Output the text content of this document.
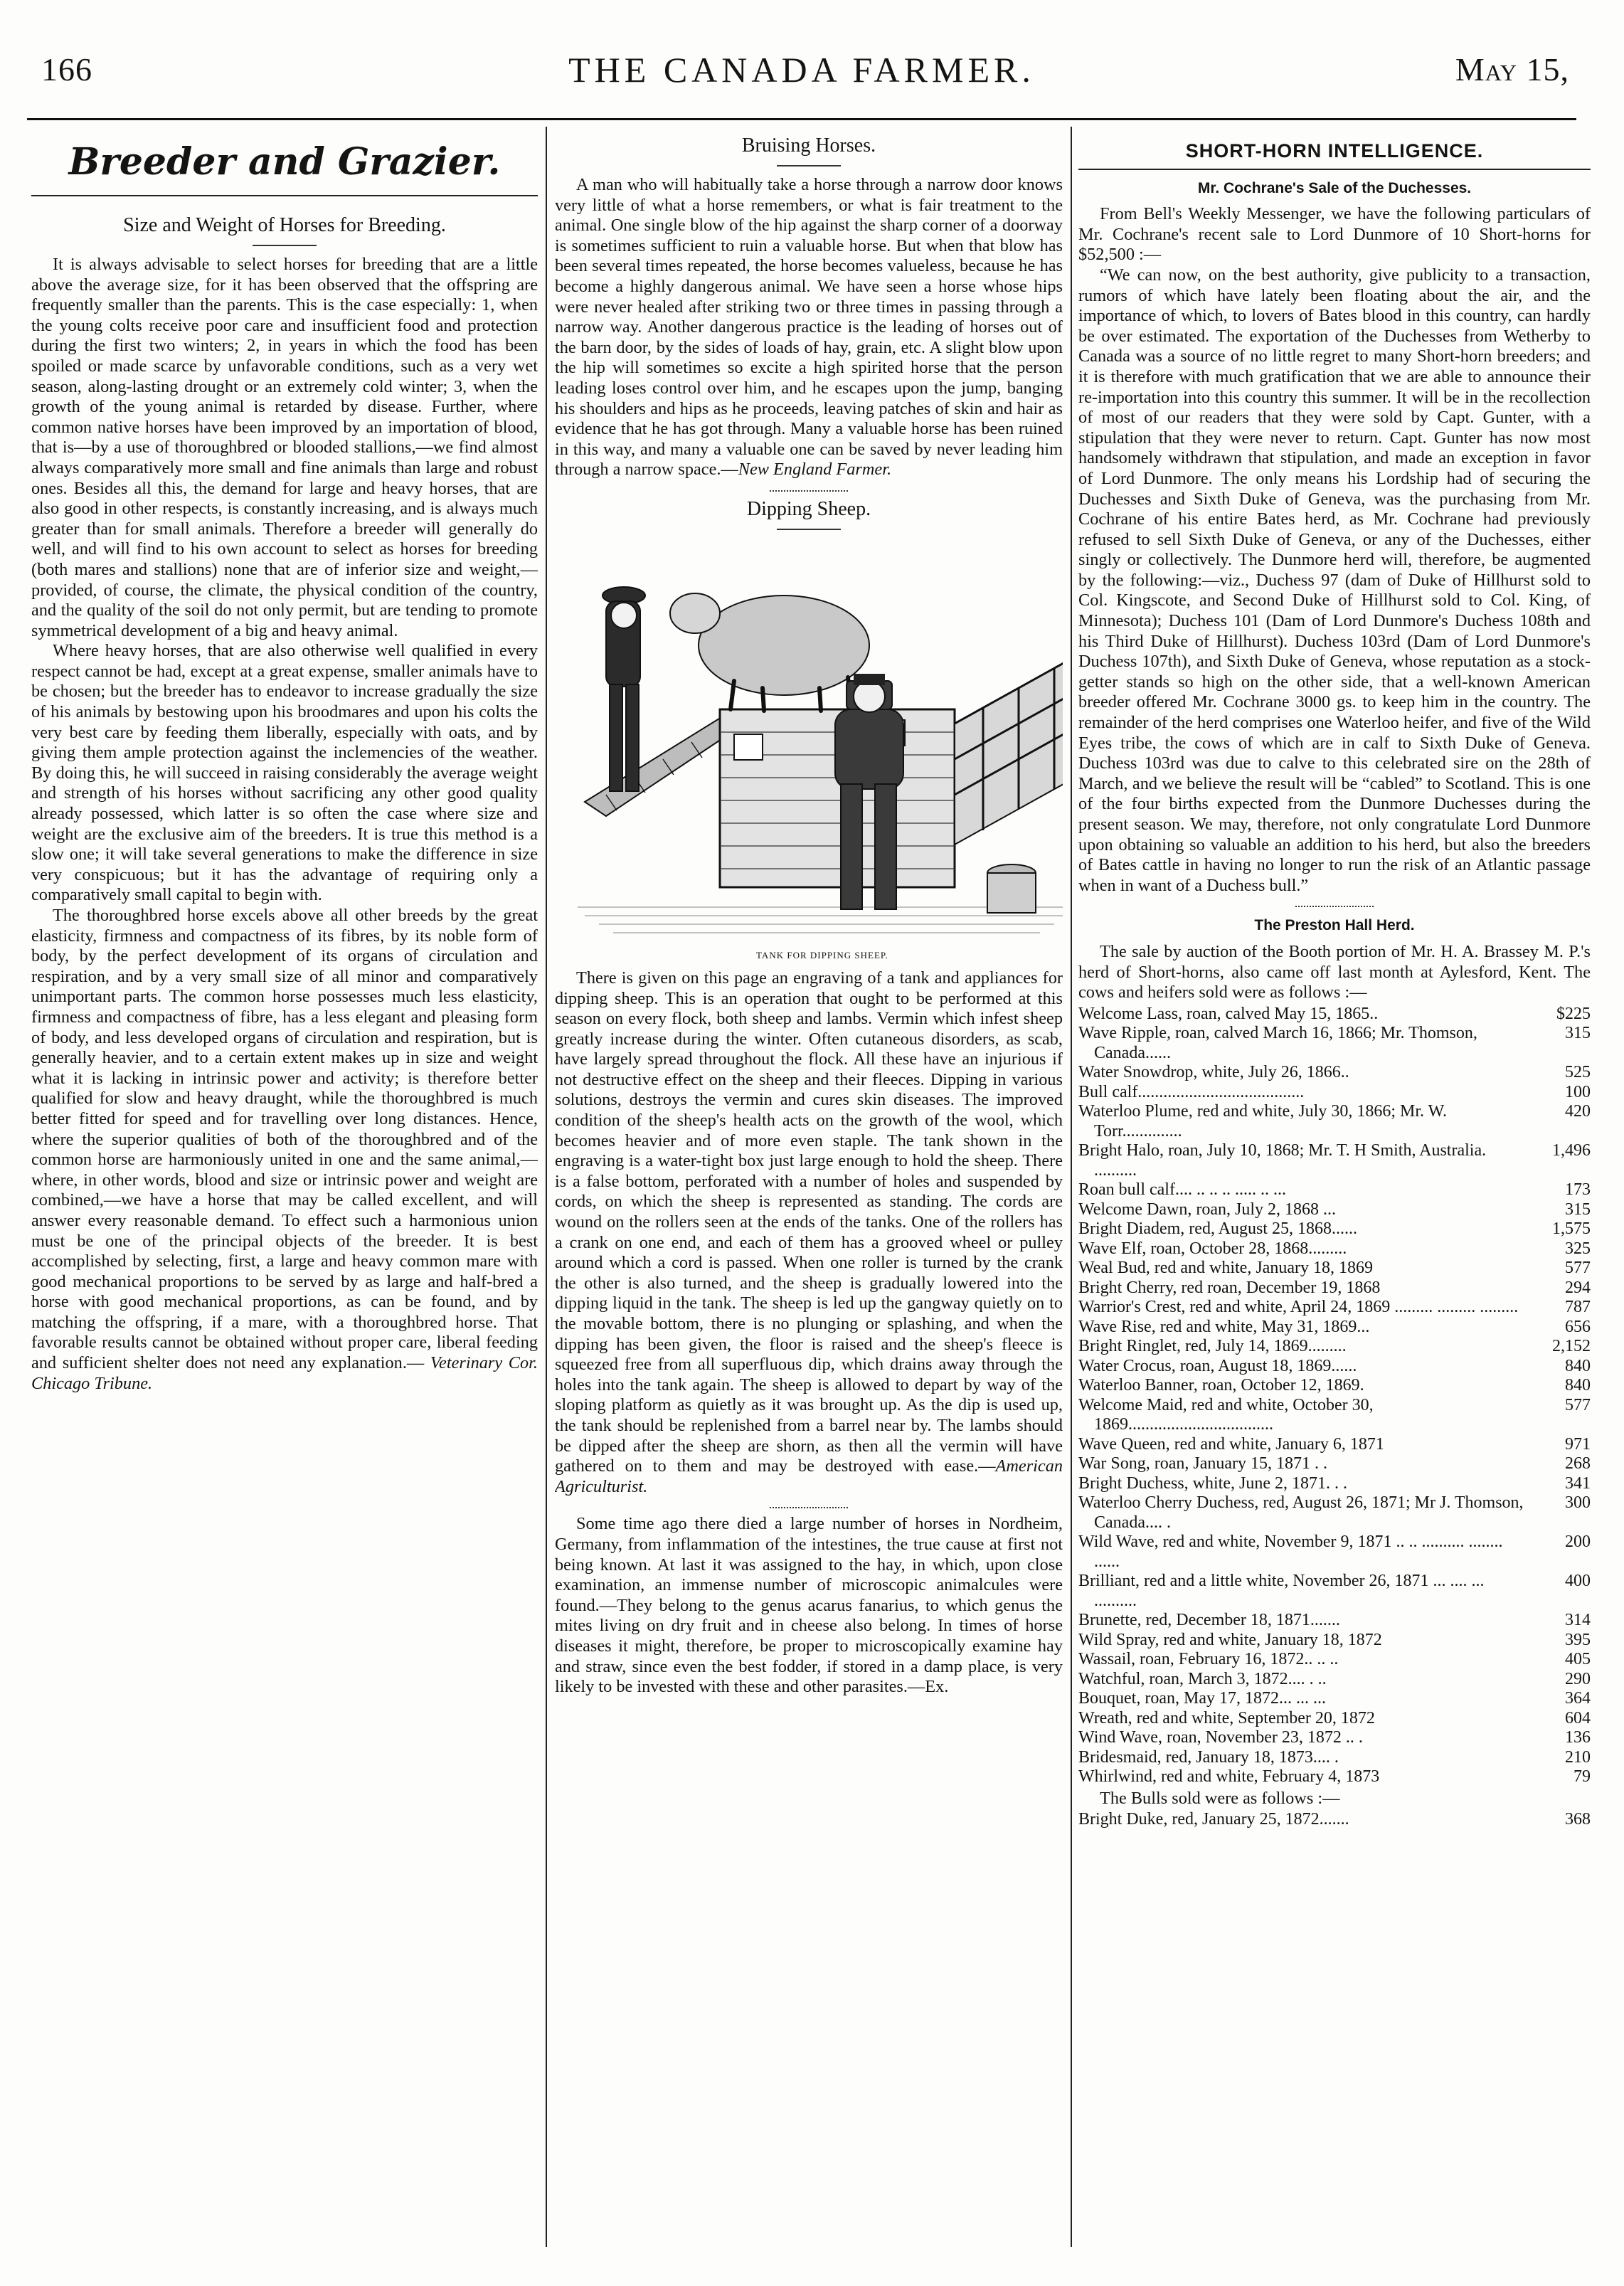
166	THE CANADA FARMER.	May 15,
Breeder and Grazier.
Size and Weight of Horses for Breeding.

It is always advisable to select horses for breeding that are a little above the average size, for it has been observed that the offspring are frequently smaller than the parents. This is the case especially: 1, when the young colts receive poor care and insufficient food and protection during the first two winters; 2, in years in which the food has been spoiled or made scarce by unfavorable conditions, such as a very wet season, along-lasting drought or an extremely cold winter; 3, when the growth of the young animal is retarded by disease. Further, where common native horses have been improved by an importation of blood, that is—by a use of thoroughbred or blooded stallions,—we find almost always comparatively more small and fine animals than large and robust ones. Besides all this, the demand for large and heavy horses, that are also good in other respects, is constantly increasing, and is always much greater than for small animals. Therefore a breeder will generally do well, and will find to his own account to select as horses for breeding (both mares and stallions) none that are of inferior size and weight,—provided, of course, the climate, the physical condition of the country, and the quality of the soil do not only permit, but are tending to promote symmetrical development of a big and heavy animal.

Where heavy horses, that are also otherwise well qualified in every respect cannot be had, except at a great expense, smaller animals have to be chosen; but the breeder has to endeavor to increase gradually the size of his animals by bestowing upon his broodmares and upon his colts the very best care by feeding them liberally, especially with oats, and by giving them ample protection against the inclemencies of the weather. By doing this, he will succeed in raising considerably the average weight and strength of his horses without sacrificing any other good quality already possessed, which latter is so often the case where size and weight are the exclusive aim of the breeders. It is true this method is a slow one; it will take several generations to make the difference in size very conspicuous; but it has the advantage of requiring only a comparatively small capital to begin with.

The thoroughbred horse excels above all other breeds by the great elasticity, firmness and compactness of its fibres, by its noble form of body, by the perfect development of its organs of circulation and respiration, and by a very small size of all minor and comparatively unimportant parts. The common horse possesses much less elasticity, firmness and compactness of fibre, has a less elegant and pleasing form of body, and less developed organs of circulation and respiration, but is generally heavier, and to a certain extent makes up in size and weight what it is lacking in intrinsic power and activity; is therefore better qualified for slow and heavy draught, while the thoroughbred is much better fitted for speed and for travelling over long distances. Hence, where the superior qualities of both of the thoroughbred and of the common horse are harmoniously united in one and the same animal,—where, in other words, blood and size or intrinsic power and weight are combined,—we have a horse that may be called excellent, and will answer every reasonable demand. To effect such a harmonious union must be one of the principal objects of the breeder. It is best accomplished by selecting, first, a large and heavy common mare with good mechanical proportions to be served by as large and half-bred a horse with good mechanical proportions, as can be found, and by matching the offspring, if a mare, with a thoroughbred horse. That favorable results cannot be obtained without proper care, liberal feeding and sufficient shelter does not need any explanation.— Veterinary Cor. Chicago Tribune.

Bruising Horses.

A man who will habitually take a horse through a narrow door knows very little of what a horse remembers, or what is fair treatment to the animal. One single blow of the hip against the sharp corner of a doorway is sometimes sufficient to ruin a valuable horse. But when that blow has been several times repeated, the horse becomes valueless, because he has become a highly dangerous animal. We have seen a horse whose hips were never healed after striking two or three times in passing through a narrow way. Another dangerous practice is the leading of horses out of the barn door, by the sides of loads of hay, grain, etc. A slight blow upon the hip will sometimes so excite a high spirited horse that the person leading loses control over him, and he escapes upon the jump, banging his shoulders and hips as he proceeds, leaving patches of skin and hair as evidence that he has got through. Many a valuable horse has been ruined in this way, and many a valuable one can be saved by never leading him through a narrow space.—New England Farmer.

Dipping Sheep.
TANK FOR DIPPING SHEEP.

There is given on this page an engraving of a tank and appliances for dipping sheep. This is an operation that ought to be performed at this season on every flock, both sheep and lambs. Vermin which infest sheep greatly increase during the winter. Often cutaneous disorders, as scab, have largely spread throughout the flock. All these have an injurious if not destructive effect on the sheep and their fleeces. Dipping in various solutions, destroys the vermin and cures skin diseases. The improved condition of the sheep's health acts on the growth of the wool, which becomes heavier and of more even staple. The tank shown in the engraving is a water-tight box just large enough to hold the sheep. There is a false bottom, perforated with a number of holes and suspended by cords, on which the sheep is represented as standing. The cords are wound on the rollers seen at the ends of the tanks. One of the rollers has a crank on one end, and each of them has a grooved wheel or pulley around which a cord is passed. When one roller is turned by the crank the other is also turned, and the sheep is gradually lowered into the dipping liquid in the tank. The sheep is led up the gangway quietly on to the movable bottom, there is no plunging or splashing, and when the dipping has been given, the floor is raised and the sheep's fleece is squeezed free from all superfluous dip, which drains away through the holes into the tank again. The sheep is allowed to depart by way of the sloping platform as quietly as it was brought up. As the dip is used up, the tank should be replenished from a barrel near by. The lambs should be dipped after the sheep are shorn, as then all the vermin will have gathered on to them and may be destroyed with ease.—American Agriculturist.

Some time ago there died a large number of horses in Nordheim, Germany, from inflammation of the intestines, the true cause at first not being known. At last it was assigned to the hay, in which, upon close examination, an immense number of microscopic animalcules were found.—They belong to the genus acarus fanarius, to which genus the mites living on dry fruit and in cheese also belong. In times of horse diseases it might, therefore, be proper to microscopically examine hay and straw, since even the best fodder, if stored in a damp place, is very likely to be invested with these and other parasites.—Ex.

SHORT-HORN INTELLIGENCE.
Mr. Cochrane's Sale of the Duchesses.

From Bell's Weekly Messenger, we have the following particulars of Mr. Cochrane's recent sale to Lord Dunmore of 10 Short-horns for $52,500 :—

“We can now, on the best authority, give publicity to a transaction, rumors of which have lately been floating about the air, and the importance of which, to lovers of Bates blood in this country, can hardly be over estimated. The exportation of the Duchesses from Wetherby to Canada was a source of no little regret to many Short-horn breeders; and it is therefore with much gratification that we are able to announce their re-importation into this country this summer. It will be in the recollection of most of our readers that they were sold by Capt. Gunter, with a stipulation that they were never to return. Capt. Gunter has now most handsomely withdrawn that stipulation, and made an exception in favor of Lord Dunmore. The only means his Lordship had of securing the Duchesses and Sixth Duke of Geneva, was the purchasing from Mr. Cochrane of his entire Bates herd, as Mr. Cochrane had previously refused to sell Sixth Duke of Geneva, or any of the Duchesses, either singly or collectively. The Dunmore herd will, therefore, be augmented by the following:—viz., Duchess 97 (dam of Duke of Hillhurst sold to Col. Kingscote, and Second Duke of Hillhurst sold to Col. King, of Minnesota); Duchess 101 (Dam of Lord Dunmore's Duchess 108th and his Third Duke of Hillhurst). Duchess 103rd (Dam of Lord Dunmore's Duchess 107th), and Sixth Duke of Geneva, whose reputation as a stock-getter stands so high on the other side, that a well-known American breeder offered Mr. Cochrane 3000 gs. to keep him in the country. The remainder of the herd comprises one Waterloo heifer, and five of the Wild Eyes tribe, the cows of which are in calf to Sixth Duke of Geneva. Duchess 103rd was due to calve to this celebrated sire on the 28th of March, and we believe the result will be “cabled” to Scotland. This is one of the four births expected from the Dunmore Duchesses during the present season. We may, therefore, not only congratulate Lord Dunmore upon obtaining so valuable an addition to his herd, but also the breeders of Bates cattle in having no longer to run the risk of an Atlantic passage when in want of a Duchess bull.”

The Preston Hall Herd.

The sale by auction of the Booth portion of Mr. H. A. Brassey M. P.'s herd of Short-horns, also came off last month at Aylesford, Kent. The cows and heifers sold were as follows :—

Welcome Lass, roan, calved May 15, 1865..	$225
Wave Ripple, roan, calved March 16, 1866; Mr. Thomson, Canada......	315
Water Snowdrop, white, July 26, 1866..	525
Bull calf.......................................	100
Waterloo Plume, red and white, July 30, 1866; Mr. W. Torr..............	420
Bright Halo, roan, July 10, 1868; Mr. T. H Smith, Australia. ..........	1,496
Roan bull calf.... .. .. .. ..... .. ...	173
Welcome Dawn, roan, July 2, 1868 ...	315
Bright Diadem, red, August 25, 1868......	1,575
Wave Elf, roan, October 28, 1868.........	325
Weal Bud, red and white, January 18, 1869	577
Bright Cherry, red roan, December 19, 1868	294
Warrior's Crest, red and white, April 24, 1869 ......... ......... .........	787
Wave Rise, red and white, May 31, 1869...	656
Bright Ringlet, red, July 14, 1869.........	2,152
Water Crocus, roan, August 18, 1869......	840
Waterloo Banner, roan, October 12, 1869.	840
Welcome Maid, red and white, October 30, 1869..................................	577
Wave Queen, red and white, January 6, 1871	971
War Song, roan, January 15, 1871 . .	268
Bright Duchess, white, June 2, 1871. . .	341
Waterloo Cherry Duchess, red, August 26, 1871; Mr J. Thomson, Canada.... .	300
Wild Wave, red and white, November 9, 1871 .. .. .......... ........ ......	200
Brilliant, red and a little white, November 26, 1871 ... .... ... ..........	400
Brunette, red, December 18, 1871.......	314
Wild Spray, red and white, January 18, 1872	395
Wassail, roan, February 16, 1872.. .. ..	405
Watchful, roan, March 3, 1872.... . ..	290
Bouquet, roan, May 17, 1872... ... ...	364
Wreath, red and white, September 20, 1872	604
Wind Wave, roan, November 23, 1872 .. .	136
Bridesmaid, red, January 18, 1873.... .	210
Whirlwind, red and white, February 4, 1873	79

The Bulls sold were as follows :—

Bright Duke, red, January 25, 1872.......	368
